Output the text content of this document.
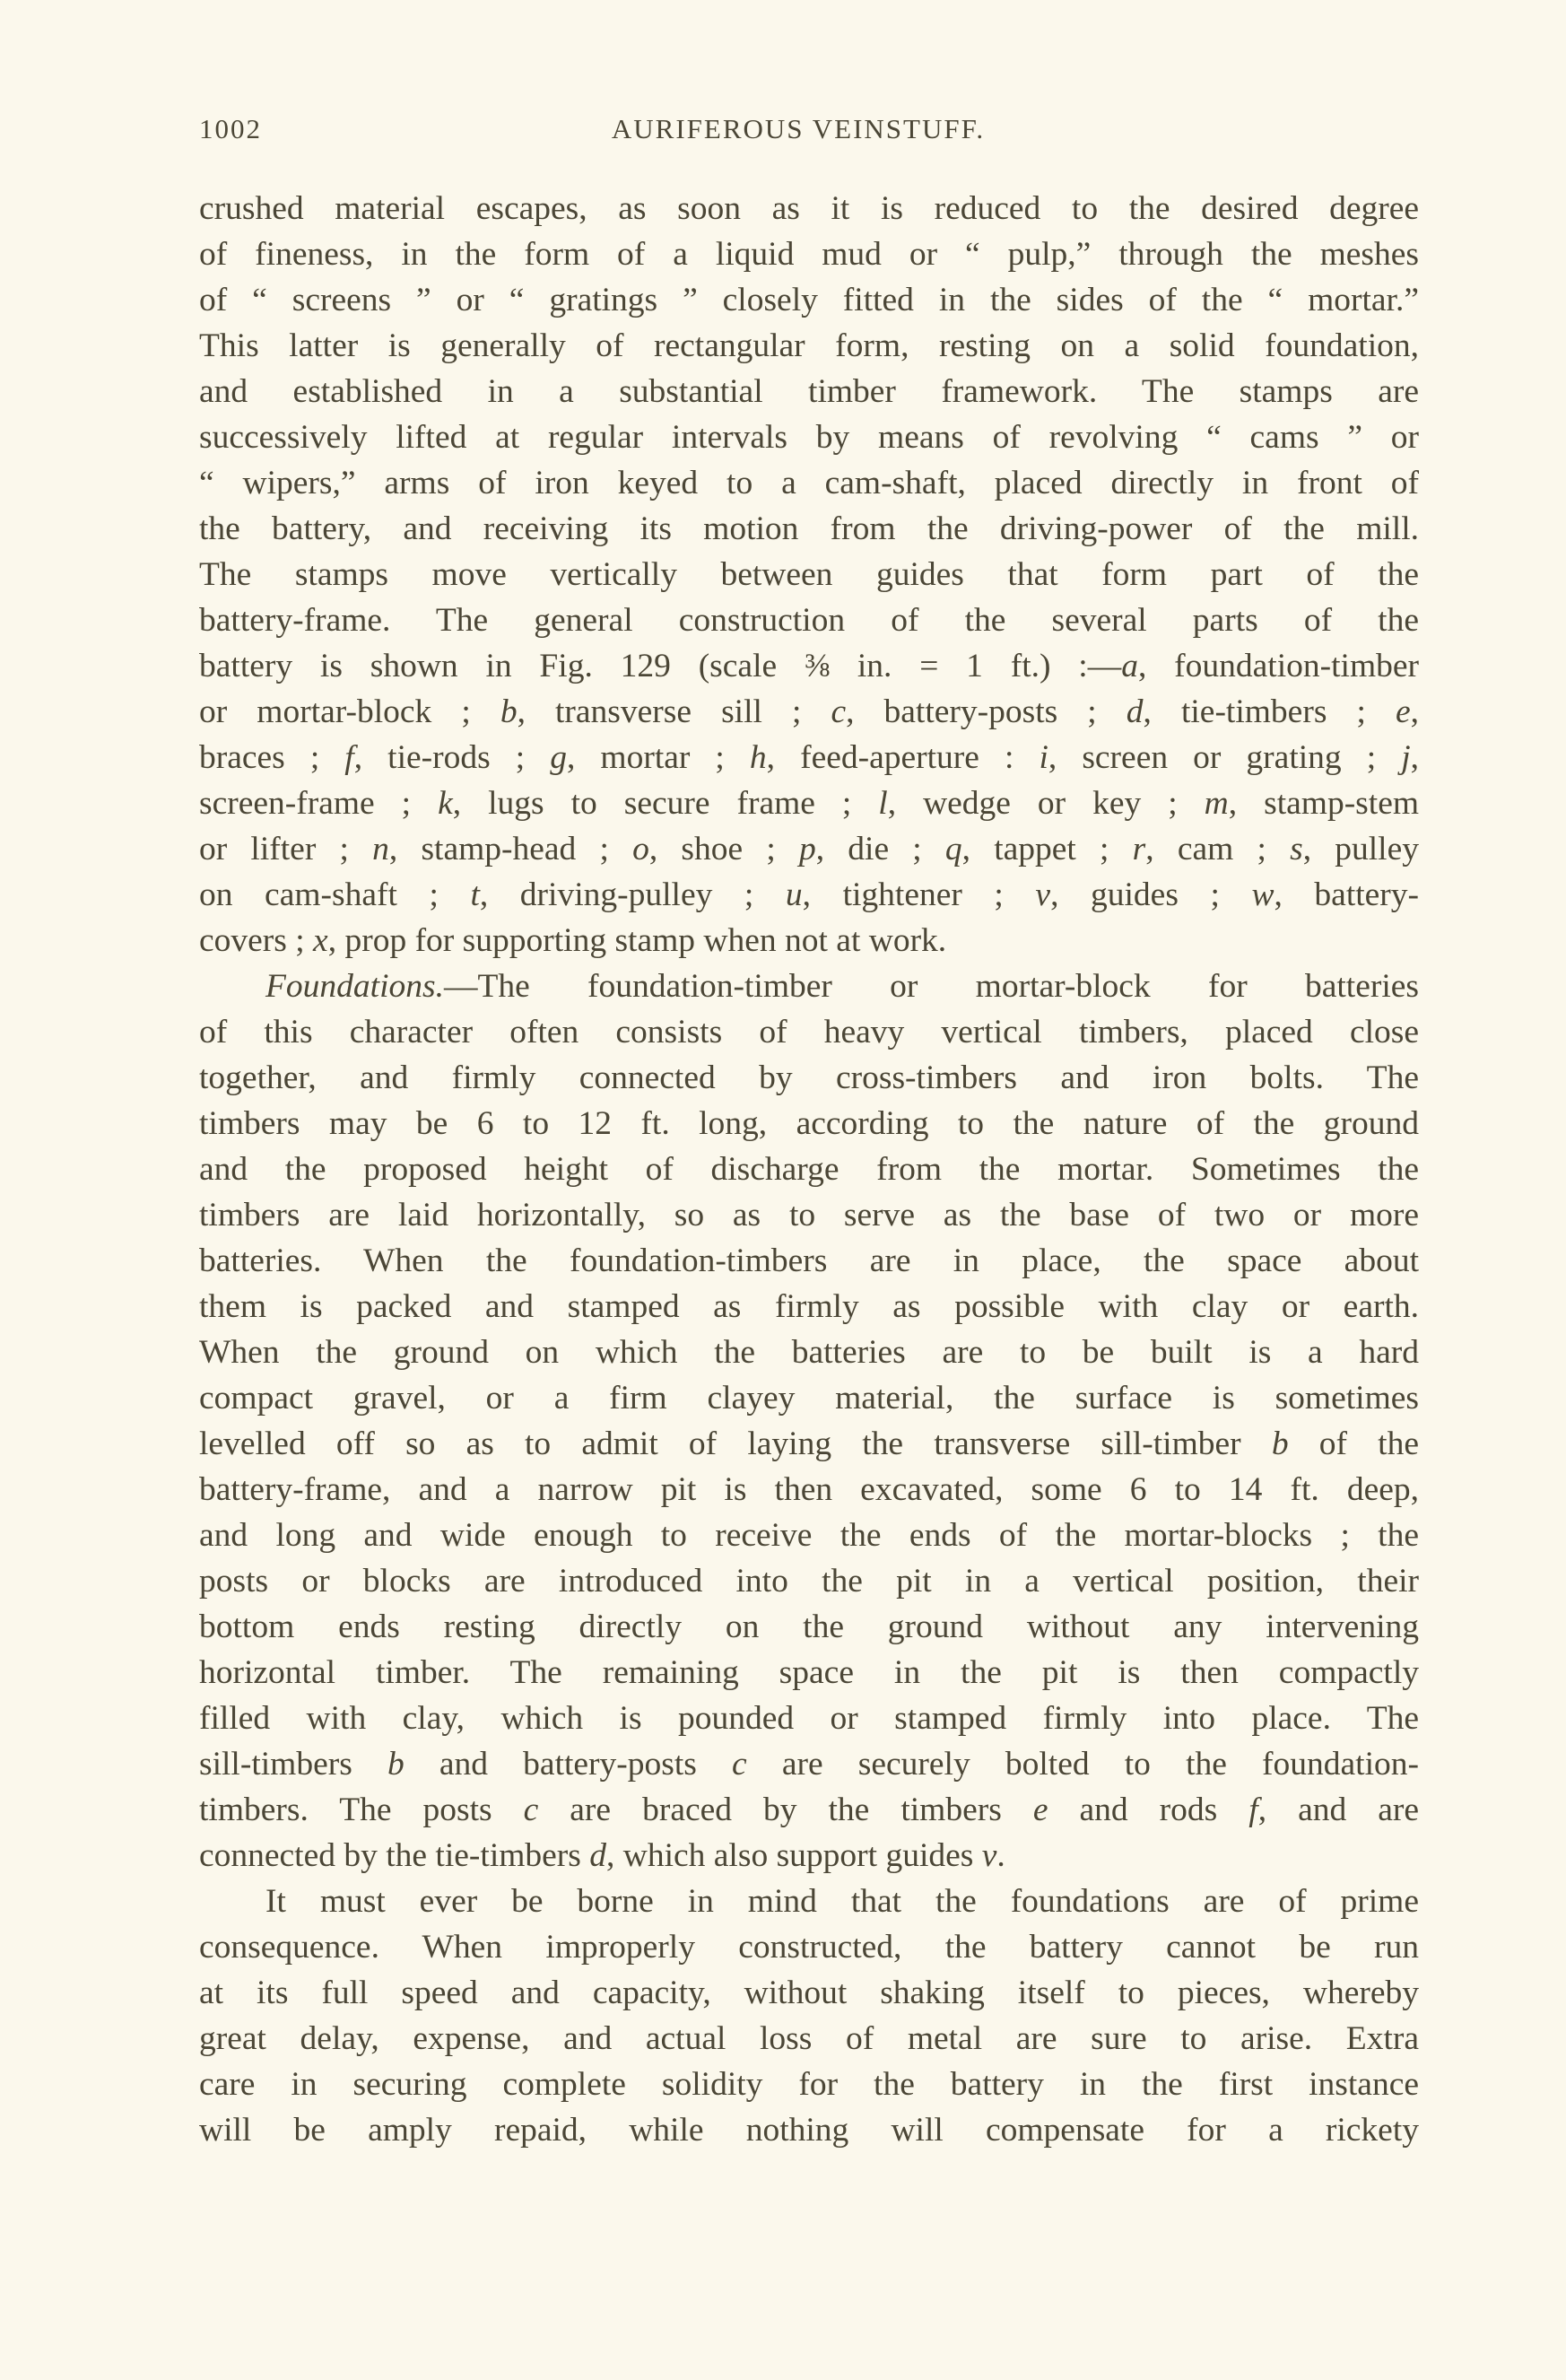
1002	AURIFEROUS VEINSTUFF.
crushed material escapes, as soon as it is reduced to the desired degree
of fineness, in the form of a liquid mud or “ pulp,” through the meshes
of “ screens ” or “ gratings ” closely fitted in the sides of the “ mortar.”
This latter is generally of rectangular form, resting on a solid foundation,
and established in a substantial timber framework. The stamps are
successively lifted at regular intervals by means of revolving “ cams ” or
“ wipers,” arms of iron keyed to a cam-shaft, placed directly in front of
the battery, and receiving its motion from the driving-power of the mill.
The stamps move vertically between guides that form part of the
battery-frame. The general construction of the several parts of the
battery is shown in Fig. 129 (scale ⅜ in. = 1 ft.) :—a, foundation-timber
or mortar-block ; b, transverse sill ; c, battery-posts ; d, tie-timbers ; e,
braces ; f, tie-rods ; g, mortar ; h, feed-aperture : i, screen or grating ; j,
screen-frame ; k, lugs to secure frame ; l, wedge or key ; m, stamp-stem
or lifter ; n, stamp-head ; o, shoe ; p, die ; q, tappet ; r, cam ; s, pulley
on cam-shaft ; t, driving-pulley ; u, tightener ; v, guides ; w, battery-
covers ; x, prop for supporting stamp when not at work.
Foundations.—The foundation-timber or mortar-block for batteries
of this character often consists of heavy vertical timbers, placed close
together, and firmly connected by cross-timbers and iron bolts. The
timbers may be 6 to 12 ft. long, according to the nature of the ground
and the proposed height of discharge from the mortar. Sometimes the
timbers are laid horizontally, so as to serve as the base of two or more
batteries. When the foundation-timbers are in place, the space about
them is packed and stamped as firmly as possible with clay or earth.
When the ground on which the batteries are to be built is a hard
compact gravel, or a firm clayey material, the surface is sometimes
levelled off so as to admit of laying the transverse sill-timber b of the
battery-frame, and a narrow pit is then excavated, some 6 to 14 ft. deep,
and long and wide enough to receive the ends of the mortar-blocks ; the
posts or blocks are introduced into the pit in a vertical position, their
bottom ends resting directly on the ground without any intervening
horizontal timber. The remaining space in the pit is then compactly
filled with clay, which is pounded or stamped firmly into place. The
sill-timbers b and battery-posts c are securely bolted to the foundation-
timbers. The posts c are braced by the timbers e and rods f, and are
connected by the tie-timbers d, which also support guides v.
It must ever be borne in mind that the foundations are of prime
consequence. When improperly constructed, the battery cannot be run
at its full speed and capacity, without shaking itself to pieces, whereby
great delay, expense, and actual loss of metal are sure to arise. Extra
care in securing complete solidity for the battery in the first instance
will be amply repaid, while nothing will compensate for a rickety
